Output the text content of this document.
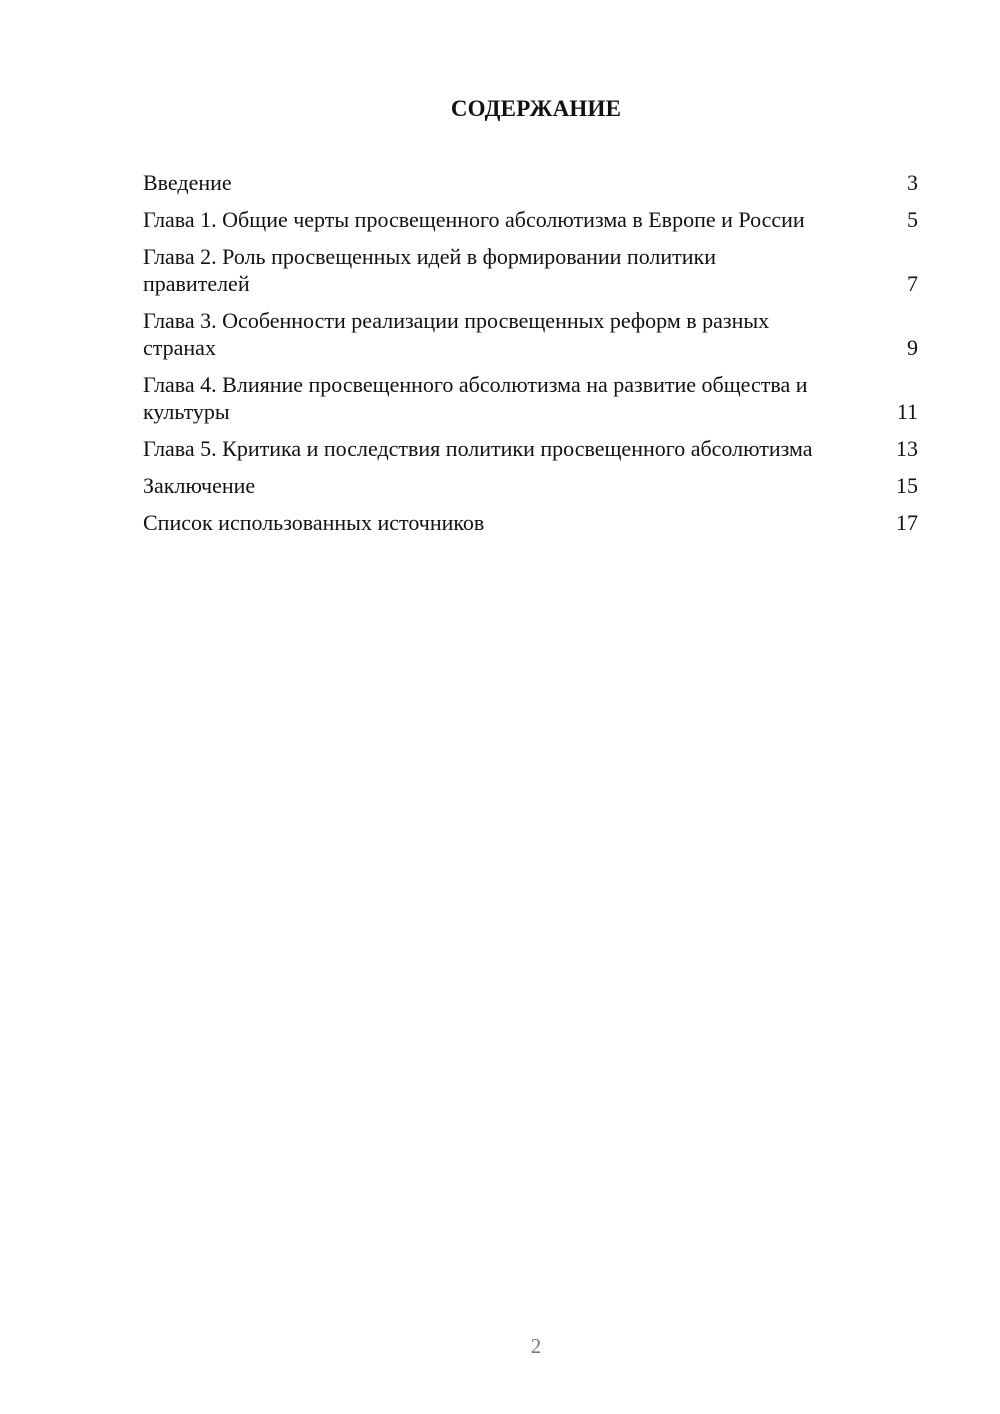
СОДЕРЖАНИЕ
Введение	3
Глава 1. Общие черты просвещенного абсолютизма в Европе и России	5
Глава 2. Роль просвещенных идей в формировании политики правителей	7
Глава 3. Особенности реализации просвещенных реформ в разных странах	9
Глава 4. Влияние просвещенного абсолютизма на развитие общества и культуры	11
Глава 5. Критика и последствия политики просвещенного абсолютизма	13
Заключение	15
Список использованных источников	17
2
